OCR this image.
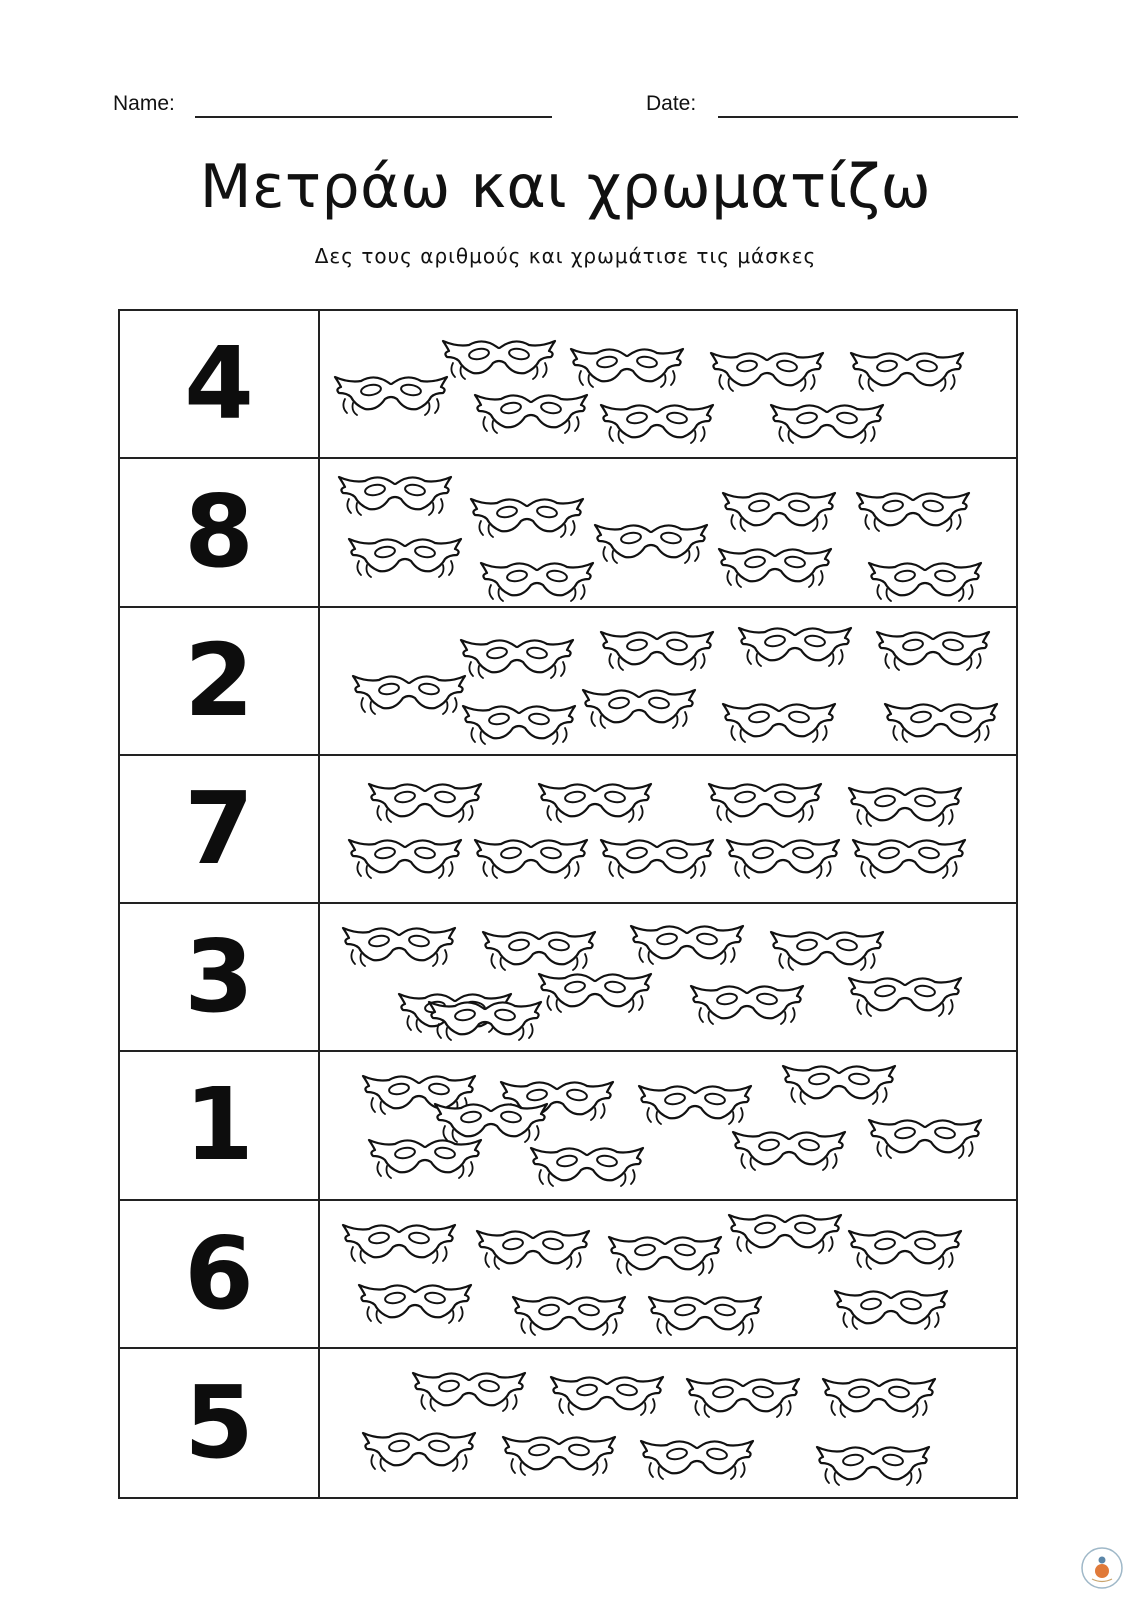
Name:	Date:
Μετράω και χρωματίζω
Δες τους αριθμούς και χρωμάτισε τις μάσκες
4
8
2
7
3
1
6
5
